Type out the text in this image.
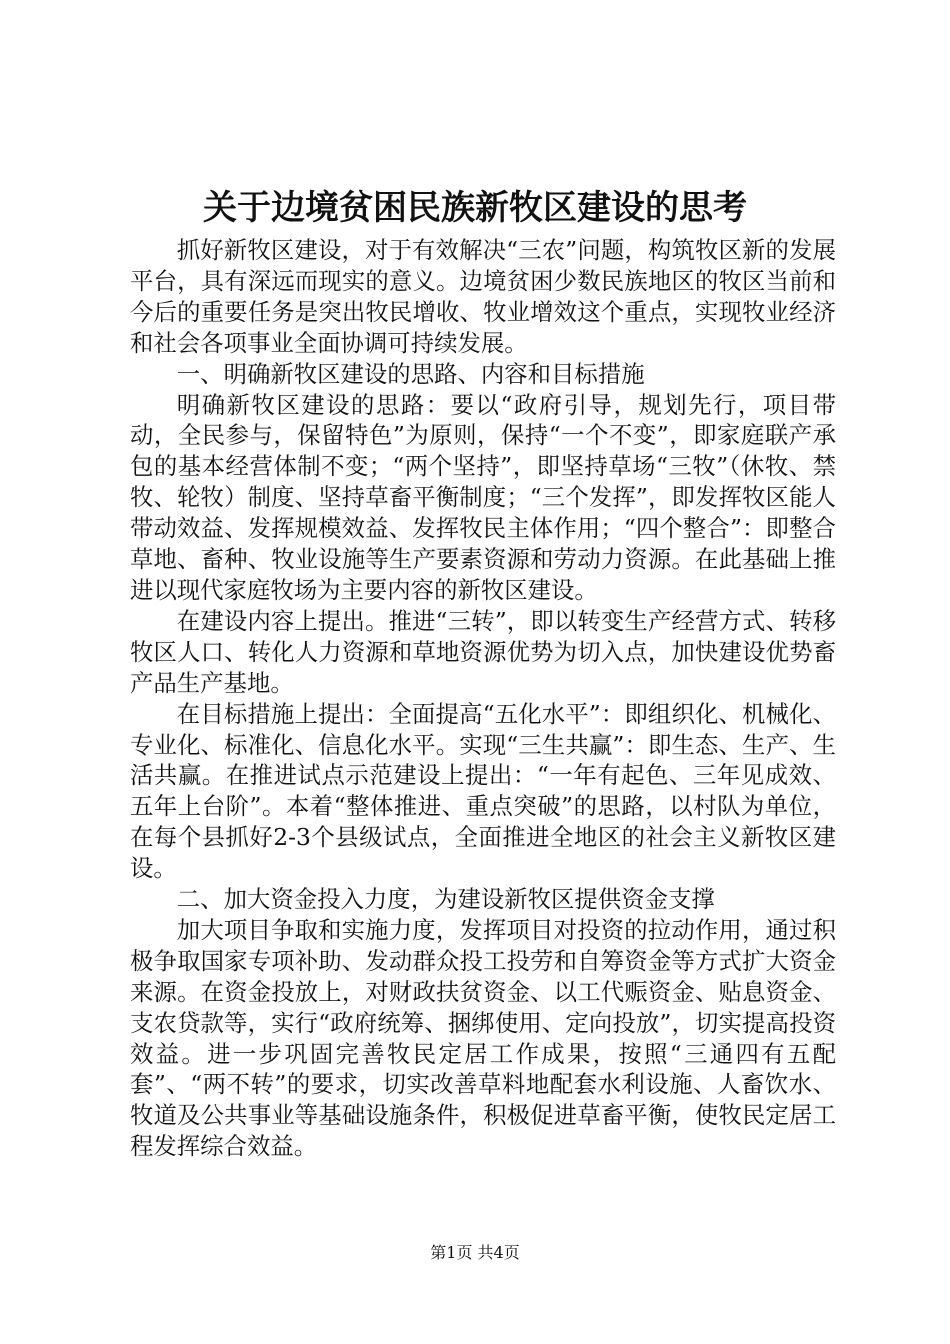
关于边境贫困民族新牧区建设的思考

抓好新牧区建设，对于有效解决“三农”问题，构筑牧区新的发展平台，具有深远而现实的意义。边境贫困少数民族地区的牧区当前和今后的重要任务是突出牧民增收、牧业增效这个重点，实现牧业经济和社会各项事业全面协调可持续发展。

一、明确新牧区建设的思路、内容和目标措施

明确新牧区建设的思路：要以“政府引导，规划先行，项目带动，全民参与，保留特色”为原则，保持“一个不变”，即家庭联产承包的基本经营体制不变；“两个坚持”，即坚持草场“三牧”（休牧、禁牧、轮牧）制度、坚持草畜平衡制度；“三个发挥”，即发挥牧区能人带动效益、发挥规模效益、发挥牧民主体作用；“四个整合”：即整合草地、畜种、牧业设施等生产要素资源和劳动力资源。在此基础上推进以现代家庭牧场为主要内容的新牧区建设。

在建设内容上提出。推进“三转”，即以转变生产经营方式、转移牧区人口、转化人力资源和草地资源优势为切入点，加快建设优势畜产品生产基地。

在目标措施上提出：全面提高“五化水平”：即组织化、机械化、专业化、标准化、信息化水平。实现“三生共赢”：即生态、生产、生活共赢。在推进试点示范建设上提出：“一年有起色、三年见成效、五年上台阶”。本着“整体推进、重点突破”的思路，以村队为单位，在每个县抓好2-3个县级试点，全面推进全地区的社会主义新牧区建设。

二、加大资金投入力度，为建设新牧区提供资金支撑

加大项目争取和实施力度，发挥项目对投资的拉动作用，通过积极争取国家专项补助、发动群众投工投劳和自筹资金等方式扩大资金来源。在资金投放上，对财政扶贫资金、以工代赈资金、贴息资金、支农贷款等，实行“政府统筹、捆绑使用、定向投放”，切实提高投资效益。进一步巩固完善牧民定居工作成果，按照“三通四有五配套”、“两不转”的要求，切实改善草料地配套水利设施、人畜饮水、牧道及公共事业等基础设施条件，积极促进草畜平衡，使牧民定居工程发挥综合效益。

第1页 共4页
